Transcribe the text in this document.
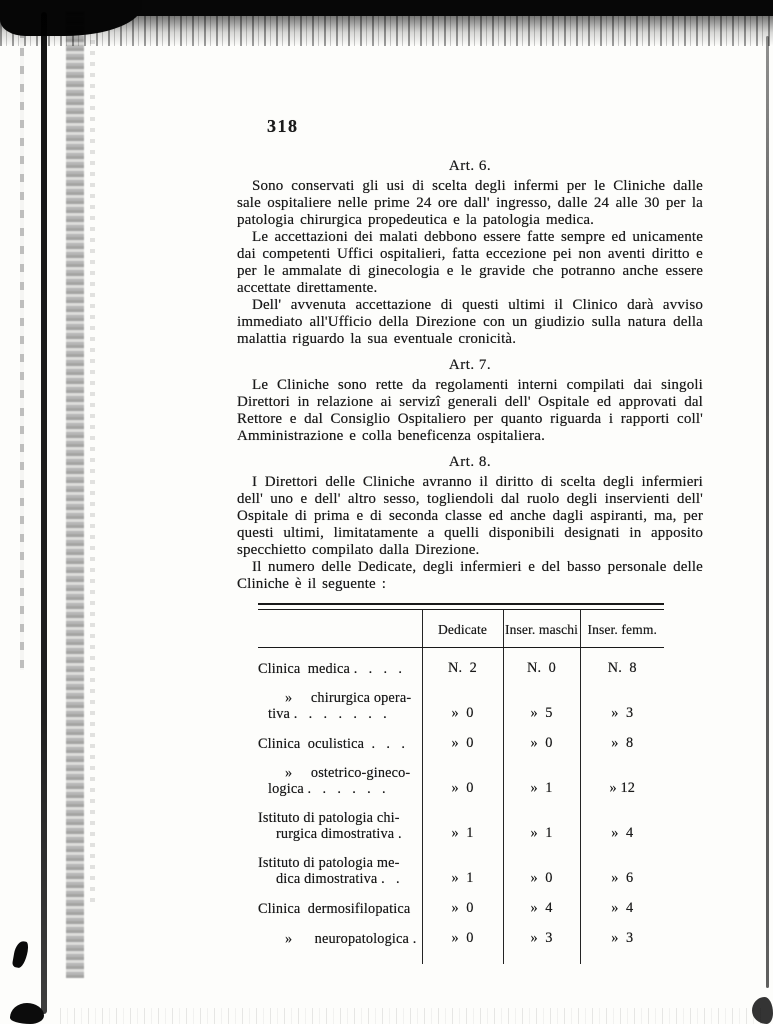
318
Art. 6.

Sono conservati gli usi di scelta degli infermi per le Cliniche dalle sale ospitaliere nelle prime 24 ore dall' ingresso, dalle 24 alle 30 per la patologia chirurgica propedeutica e la patologia medica.

Le accettazioni dei malati debbono essere fatte sempre ed unicamente dai competenti Uffici ospitalieri, fatta eccezione pei non aventi diritto e per le ammalate di ginecologia e le gravide che potranno anche essere accettate direttamente.

Dell' avvenuta accettazione di questi ultimi il Clinico darà avviso immediato all'Ufficio della Direzione con un giudizio sulla natura della malattia riguardo la sua eventuale cronicità.

Art. 7.

Le Cliniche sono rette da regolamenti interni compilati dai singoli Direttori in relazione ai servizî generali dell' Ospitale ed approvati dal Rettore e dal Consiglio Ospitaliero per quanto riguarda i rapporti coll' Amministrazione e colla beneficenza ospitaliera.

Art. 8.

I Direttori delle Cliniche avranno il diritto di scelta degli infermieri dell' uno e dell' altro sesso, togliendoli dal ruolo degli inservienti dell' Ospitale di prima e di seconda classe ed anche dagli aspiranti, ma, per questi ultimi, limitatamente a quelli disponibili designati in apposito specchietto compilato dalla Direzione.

Il numero delle Dedicate, degli infermieri e del basso personale delle Cliniche è il seguente :

	Dedicate	Inser. maschi	Inser. femm.

Clinica  medica .   .   .   .	N.  2	N.  0	N.  8

»     chirurgica opera-
tiva .   .   .   .   .   .   .	»  0	»  5	»  3

Clinica  oculistica  .   .   .	»  0	»  0	»  8

»     ostetrico-gineco-
logica .   .   .   .   .   .	»  0	»  1	» 12

Istituto di patologia chi-
rurgica dimostrativa .	»  1	»  1	»  4

Istituto di patologia me-
dica dimostrativa .   .	»  1	»  0	»  6

Clinica  dermosifilopatica	»  0	»  4	»  4

»      neuropatologica .	»  0	»  3	»  3
